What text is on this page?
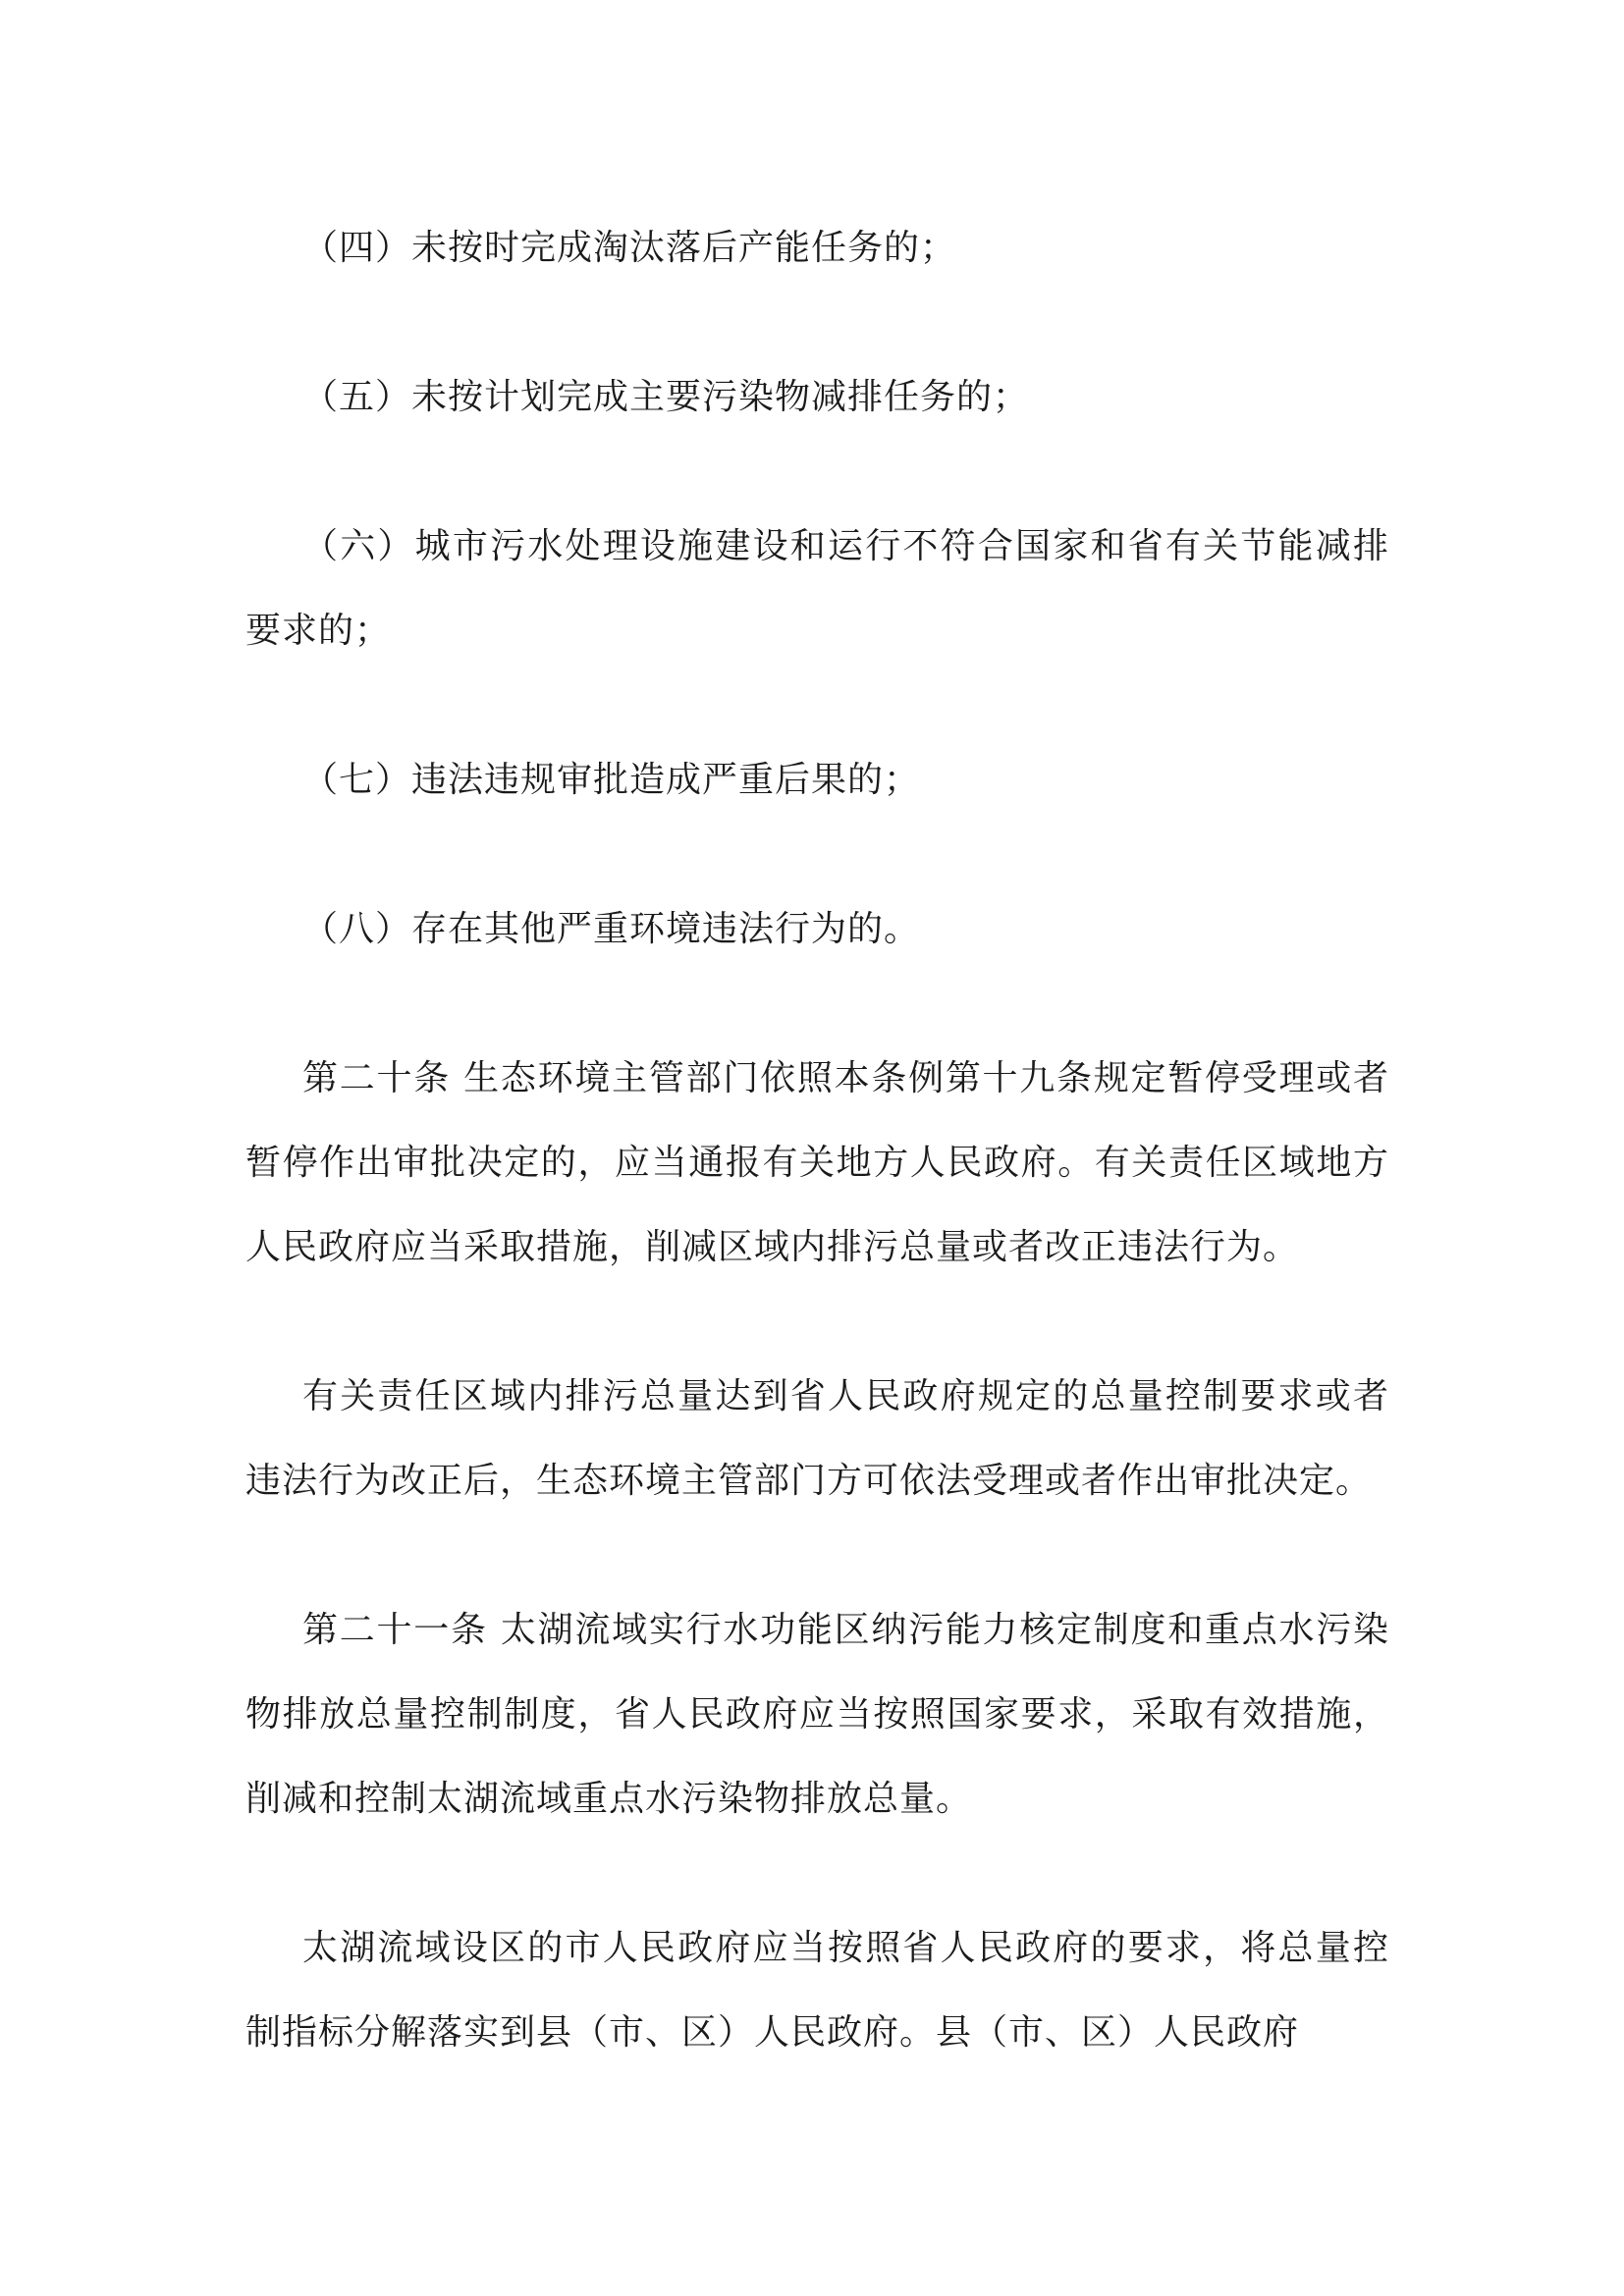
（四）未按时完成淘汰落后产能任务的；

（五）未按计划完成主要污染物减排任务的；

（六）城市污水处理设施建设和运行不符合国家和省有关节能减排要求的；

（七）违法违规审批造成严重后果的；

（八）存在其他严重环境违法行为的。

第二十条 生态环境主管部门依照本条例第十九条规定暂停受理或者暂停作出审批决定的，应当通报有关地方人民政府。有关责任区域地方人民政府应当采取措施，削减区域内排污总量或者改正违法行为。

有关责任区域内排污总量达到省人民政府规定的总量控制要求或者违法行为改正后，生态环境主管部门方可依法受理或者作出审批决定。

第二十一条 太湖流域实行水功能区纳污能力核定制度和重点水污染物排放总量控制制度，省人民政府应当按照国家要求，采取有效措施，削减和控制太湖流域重点水污染物排放总量。

太湖流域设区的市人民政府应当按照省人民政府的要求，将总量控制指标分解落实到县（市、区）人民政府。县（市、区）人民政府
